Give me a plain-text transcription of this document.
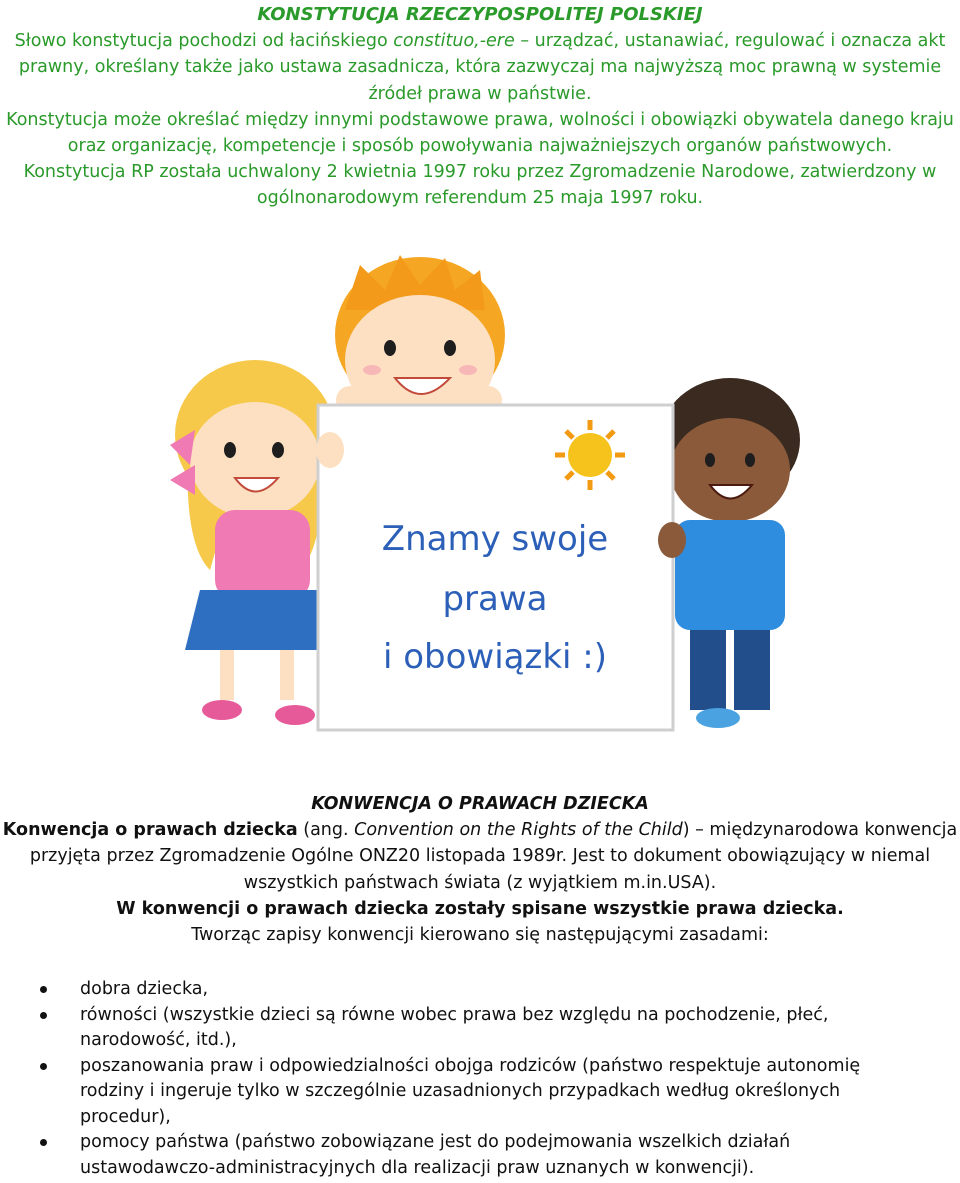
KONSTYTUCJA RZECZYPOSPOLITEJ POLSKIEJ
Słowo konstytucja pochodzi od łacińskiego constituo,-ere – urządzać, ustanawiać, regulować i oznacza akt prawny, określany także jako ustawa zasadnicza, która zazwyczaj ma najwyższą moc prawną w systemie źródeł prawa w państwie.
Konstytucja może określać między innymi podstawowe prawa, wolności i obowiązki obywatela danego kraju oraz organizację, kompetencje i sposób powoływania najważniejszych organów państwowych.
Konstytucja RP została uchwalony 2 kwietnia 1997 roku przez Zgromadzenie Narodowe, zatwierdzony w ogólnonarodowym referendum 25 maja 1997 roku.
Znamy swoje
prawa
i obowiązki :)
KONWENCJA O PRAWACH DZIECKA
Konwencja o prawach dziecka (ang. Convention on the Rights of the Child) – międzynarodowa konwencja przyjęta przez Zgromadzenie Ogólne ONZ20 listopada 1989r. Jest to dokument obowiązujący w niemal wszystkich państwach świata (z wyjątkiem m.in.USA).
W konwencji o prawach dziecka zostały spisane wszystkie prawa dziecka.
Tworząc zapisy konwencji kierowano się następującymi zasadami:
dobra dziecka,
równości (wszystkie dzieci są równe wobec prawa bez względu na pochodzenie, płeć, narodowość, itd.),
poszanowania praw i odpowiedzialności obojga rodziców (państwo respektuje autonomię rodziny i ingeruje tylko w szczególnie uzasadnionych przypadkach według określonych procedur),
pomocy państwa (państwo zobowiązane jest do podejmowania wszelkich działań ustawodawczo-administracyjnych dla realizacji praw uznanych w konwencji).
